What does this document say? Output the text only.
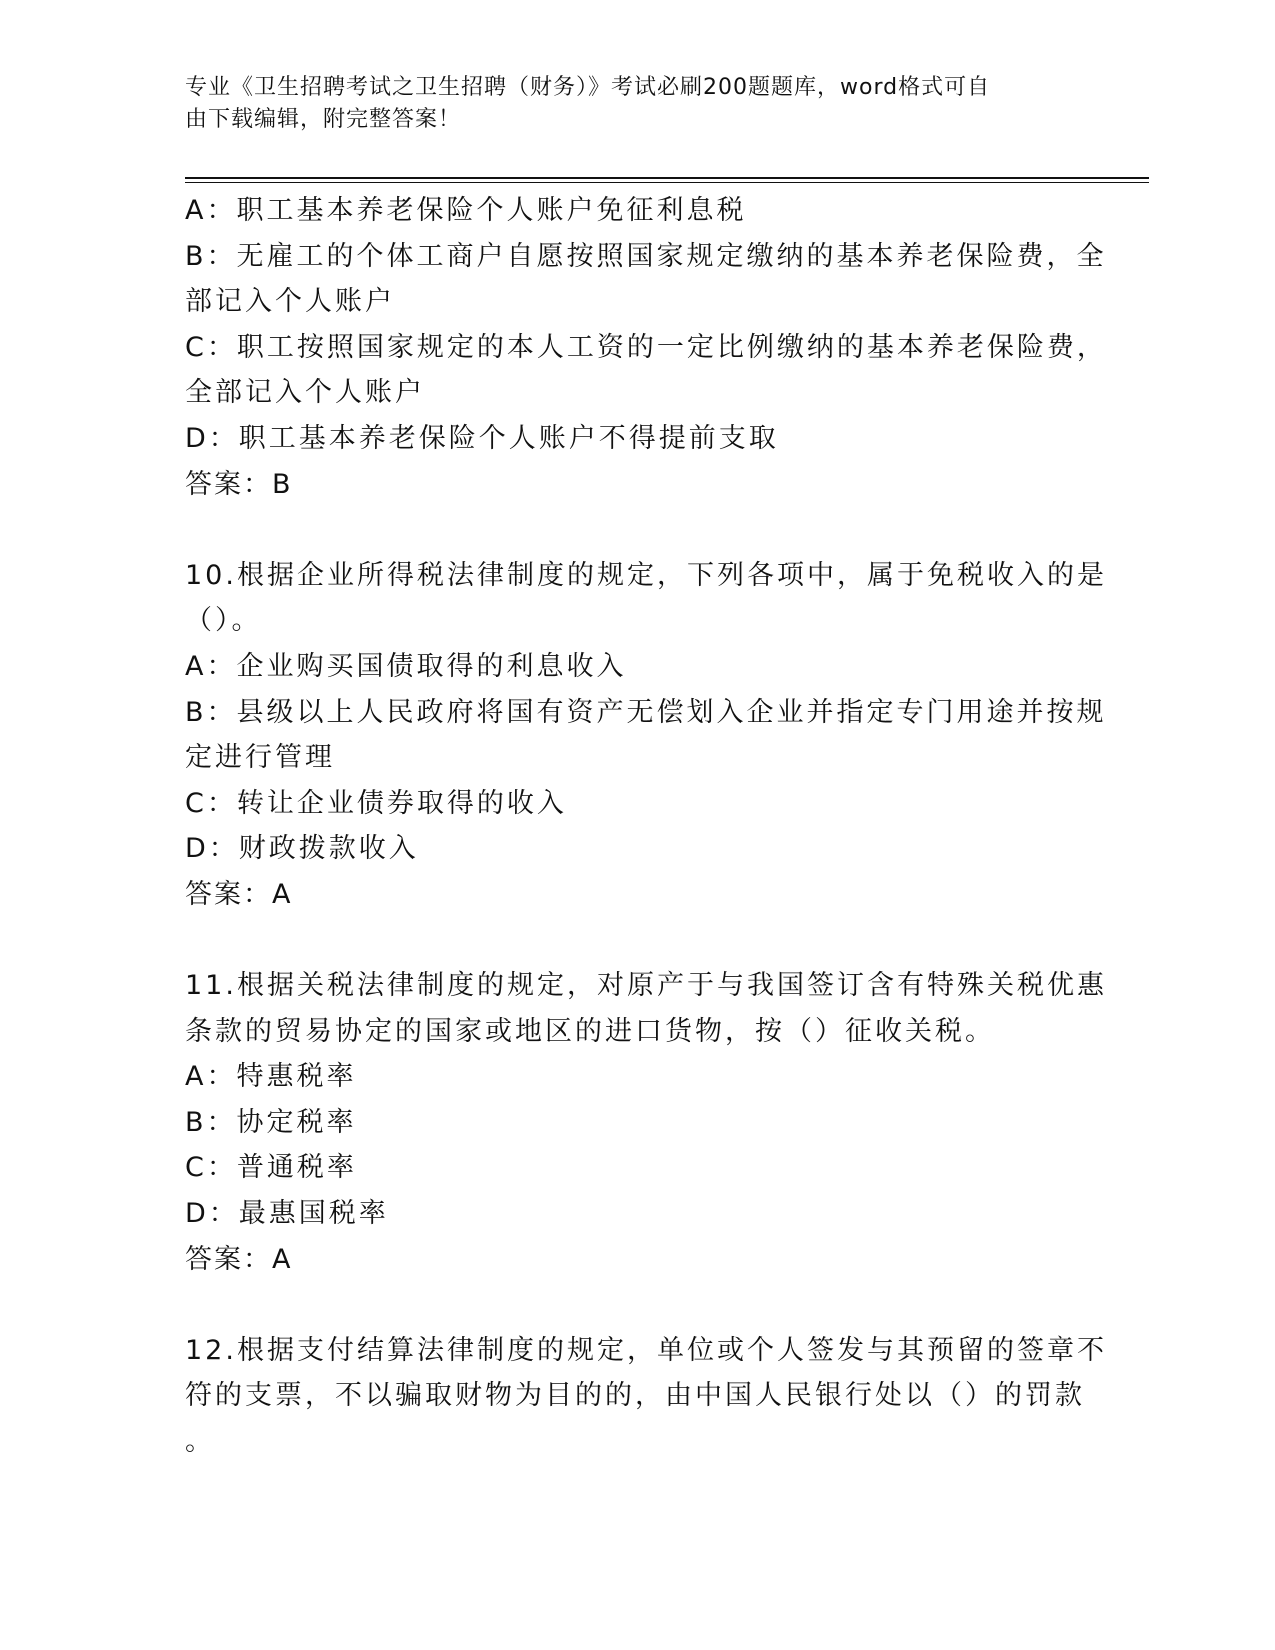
专业《卫生招聘考试之卫生招聘（财务）》考试必刷200题题库，word格式可自
由下载编辑，附完整答案！

A：职工基本养老保险个人账户免征利息税

B：无雇工的个体工商户自愿按照国家规定缴纳的基本养老保险费，全

部记入个人账户

C：职工按照国家规定的本人工资的一定比例缴纳的基本养老保险费，

全部记入个人账户

D：职工基本养老保险个人账户不得提前支取

答案：B

10.根据企业所得税法律制度的规定，下列各项中，属于免税收入的是

（）。

A：企业购买国债取得的利息收入

B：县级以上人民政府将国有资产无偿划入企业并指定专门用途并按规

定进行管理

C：转让企业债券取得的收入

D：财政拨款收入

答案：A

11.根据关税法律制度的规定，对原产于与我国签订含有特殊关税优惠

条款的贸易协定的国家或地区的进口货物，按（）征收关税。

A：特惠税率

B：协定税率

C：普通税率

D：最惠国税率

答案：A

12.根据支付结算法律制度的规定，单位或个人签发与其预留的签章不

符的支票，不以骗取财物为目的的，由中国人民银行处以（）的罚款

。
